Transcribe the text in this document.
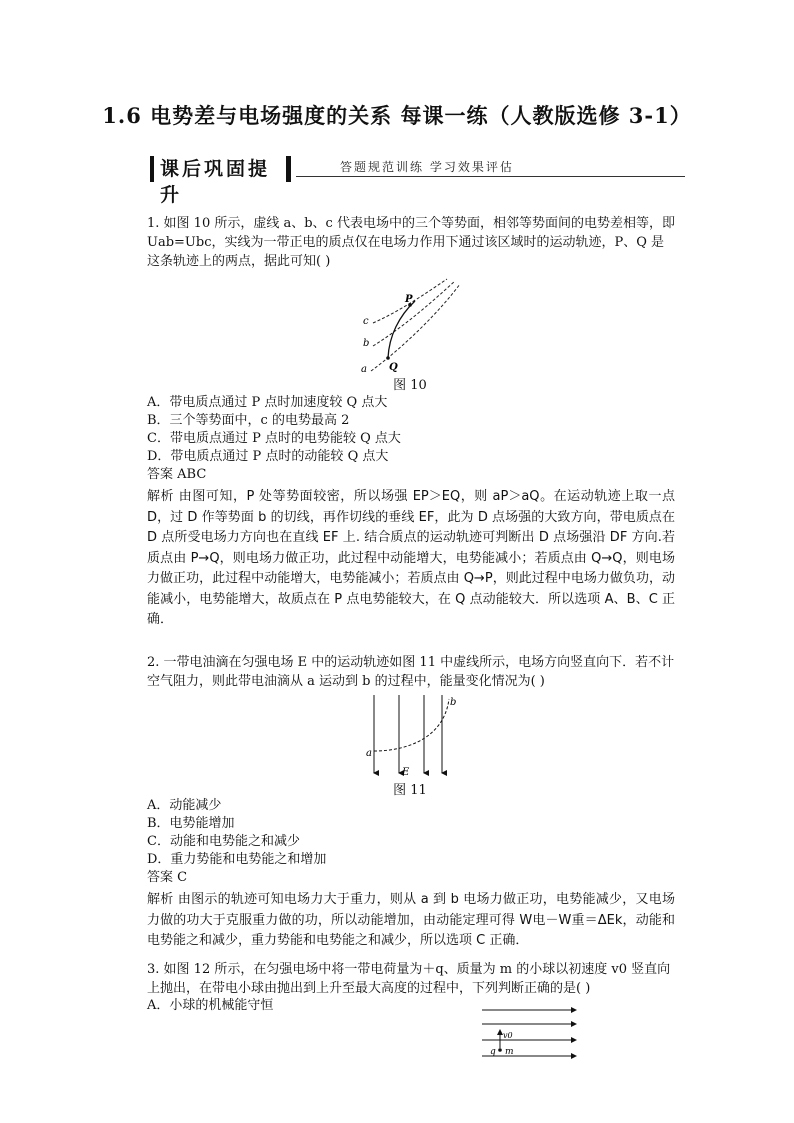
1.6 电势差与电场强度的关系 每课一练（人教版选修 3-1）
课后巩固提升
答题规范训练 学习效果评估
1. 如图 10 所示，虚线 a、b、c 代表电场中的三个等势面，相邻等势面间的电势差相等，即 Uab=Ubc，实线为一带正电的质点仅在电场力作用下通过该区域时的运动轨迹，P、Q 是这条轨迹上的两点，据此可知( )
a
b
c
P
Q
图 10
A．带电质点通过 P 点时加速度较 Q 点大
B．三个等势面中，c 的电势最高 2
C．带电质点通过 P 点时的电势能较 Q 点大
D．带电质点通过 P 点时的动能较 Q 点大
答案 ABC
解析 由图可知，P 处等势面较密，所以场强 EP＞EQ，则 aP＞aQ。在运动轨迹上取一点 D，过 D 作等势面 b 的切线，再作切线的垂线 EF，此为 D 点场强的大致方向，带电质点在 D 点所受电场力方向也在直线 EF 上. 结合质点的运动轨迹可判断出 D 点场强沿 DF 方向.若质点由 P→Q，则电场力做正功，此过程中动能增大，电势能减小；若质点由 Q→Q，则电场力做正功，此过程中动能增大，电势能减小；若质点由 Q→P，则此过程中电场力做负功，动能减小，电势能增大，故质点在 P 点电势能较大，在 Q 点动能较大．所以选项 A、B、C 正确．
2. 一带电油滴在匀强电场 E 中的运动轨迹如图 11 中虚线所示，电场方向竖直向下．若不计空气阻力，则此带电油滴从 a 运动到 b 的过程中，能量变化情况为( )
a
b
E
图 11
A．动能减少
B．电势能增加
C．动能和电势能之和减少
D．重力势能和电势能之和增加
答案 C
解析 由图示的轨迹可知电场力大于重力，则从 a 到 b 电场力做正功，电势能减少，又电场力做的功大于克服重力做的功，所以动能增加，由动能定理可得 W电－W重＝ΔEk，动能和电势能之和减少，重力势能和电势能之和减少，所以选项 C 正确．
3. 如图 12 所示，在匀强电场中将一带电荷量为＋q、质量为 m 的小球以初速度 v0 竖直向上抛出，在带电小球由抛出到上升至最大高度的过程中，下列判断正确的是( )
A．小球的机械能守恒
v0
q m
